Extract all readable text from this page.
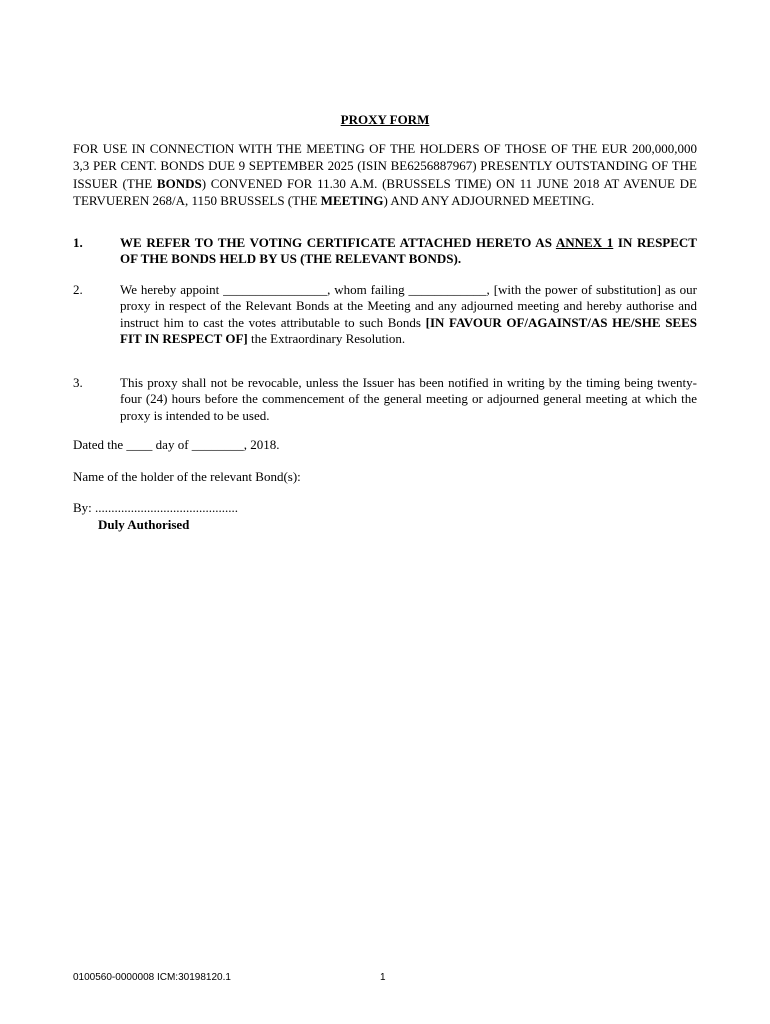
PROXY FORM
FOR USE IN CONNECTION WITH THE MEETING OF THE HOLDERS OF THOSE OF THE EUR 200,000,000 3,3 PER CENT. BONDS DUE 9 SEPTEMBER 2025 (ISIN BE6256887967) PRESENTLY OUTSTANDING OF THE ISSUER (THE BONDS) CONVENED FOR 11.30 A.M. (BRUSSELS TIME) ON 11 JUNE 2018 AT AVENUE DE TERVUEREN 268/A, 1150 BRUSSELS (THE MEETING) AND ANY ADJOURNED MEETING.
1.	WE REFER TO THE VOTING CERTIFICATE ATTACHED HERETO AS ANNEX 1 IN RESPECT OF THE BONDS HELD BY US (THE RELEVANT BONDS).
2.	We hereby appoint ________________, whom failing ____________, [with the power of substitution] as our proxy in respect of the Relevant Bonds at the Meeting and any adjourned meeting and hereby authorise and instruct him to cast the votes attributable to such Bonds [IN FAVOUR OF/AGAINST/AS HE/SHE SEES FIT IN RESPECT OF] the Extraordinary Resolution.
3.	This proxy shall not be revocable, unless the Issuer has been notified in writing by the timing being twenty-four (24) hours before the commencement of the general meeting or adjourned general meeting at which the proxy is intended to be used.
Dated the ____ day of ________, 2018.
Name of the holder of the relevant Bond(s):
By: ............................................
Duly Authorised
0100560-0000008 ICM:30198120.1	1
